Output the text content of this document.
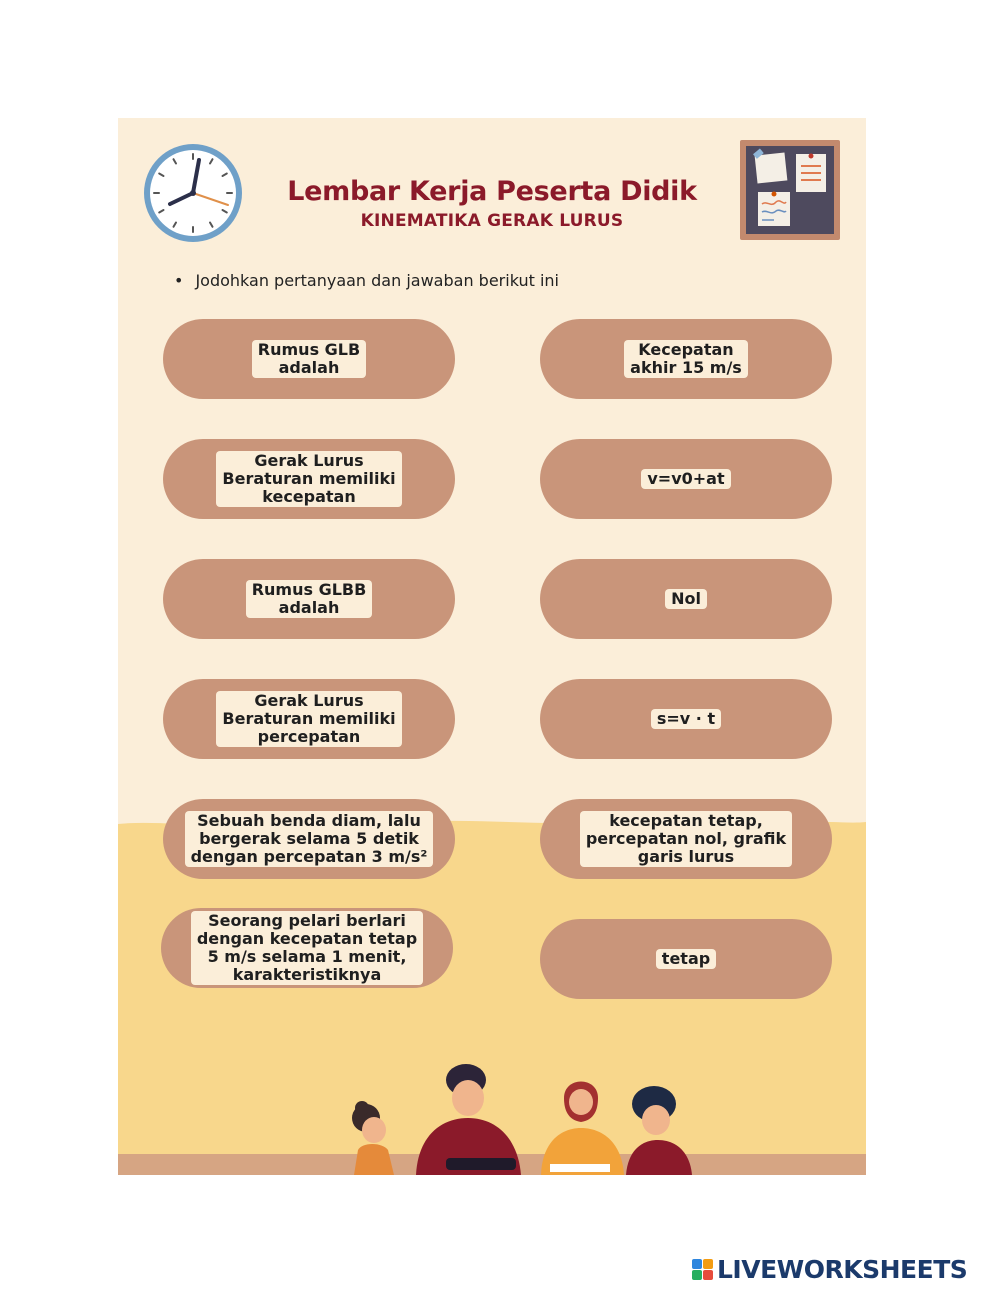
Lembar Kerja Peserta Didik

KINEMATIKA GERAK LURUS

• Jodohkan pertanyaan dan jawaban berikut ini
Rumus GLB
adalah
Gerak Lurus
Beraturan memiliki
kecepatan
Rumus GLBB
adalah
Gerak Lurus
Beraturan memiliki
percepatan
Sebuah benda diam, lalu
bergerak selama 5 detik
dengan percepatan 3 m/s²
Seorang pelari berlari
dengan kecepatan tetap
5 m/s selama 1 menit,
karakteristiknya
Kecepatan
akhir 15 m/s
v=v0+at
Nol
s=v · t
kecepatan tetap,
percepatan nol, grafik
garis lurus
tetap
LIVEWORKSHEETS
